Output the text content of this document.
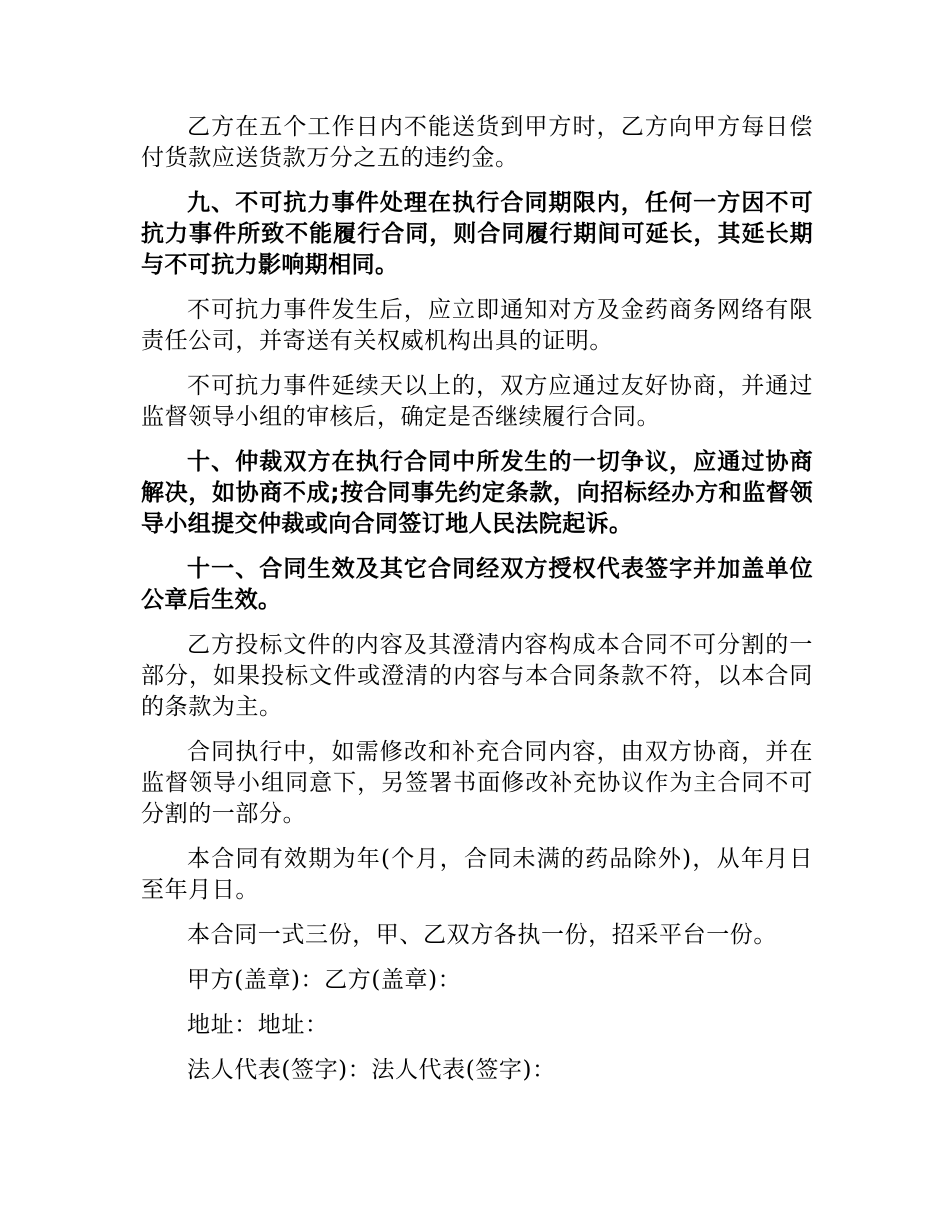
乙方在五个工作日内不能送货到甲方时，乙方向甲方每日偿付货款应送货款万分之五的违约金。

九、不可抗力事件处理在执行合同期限内，任何一方因不可抗力事件所致不能履行合同，则合同履行期间可延长，其延长期与不可抗力影响期相同。

不可抗力事件发生后，应立即通知对方及金药商务网络有限责任公司，并寄送有关权威机构出具的证明。

不可抗力事件延续天以上的，双方应通过友好协商，并通过监督领导小组的审核后，确定是否继续履行合同。

十、仲裁双方在执行合同中所发生的一切争议，应通过协商解决，如协商不成;按合同事先约定条款，向招标经办方和监督领导小组提交仲裁或向合同签订地人民法院起诉。

十一、合同生效及其它合同经双方授权代表签字并加盖单位公章后生效。

乙方投标文件的内容及其澄清内容构成本合同不可分割的一部分，如果投标文件或澄清的内容与本合同条款不符，以本合同的条款为主。

合同执行中，如需修改和补充合同内容，由双方协商，并在监督领导小组同意下，另签署书面修改补充协议作为主合同不可分割的一部分。

本合同有效期为年(个月，合同未满的药品除外)，从年月日至年月日。

本合同一式三份，甲、乙双方各执一份，招采平台一份。

甲方(盖章)：乙方(盖章)：

地址：地址：

法人代表(签字)：法人代表(签字)：
